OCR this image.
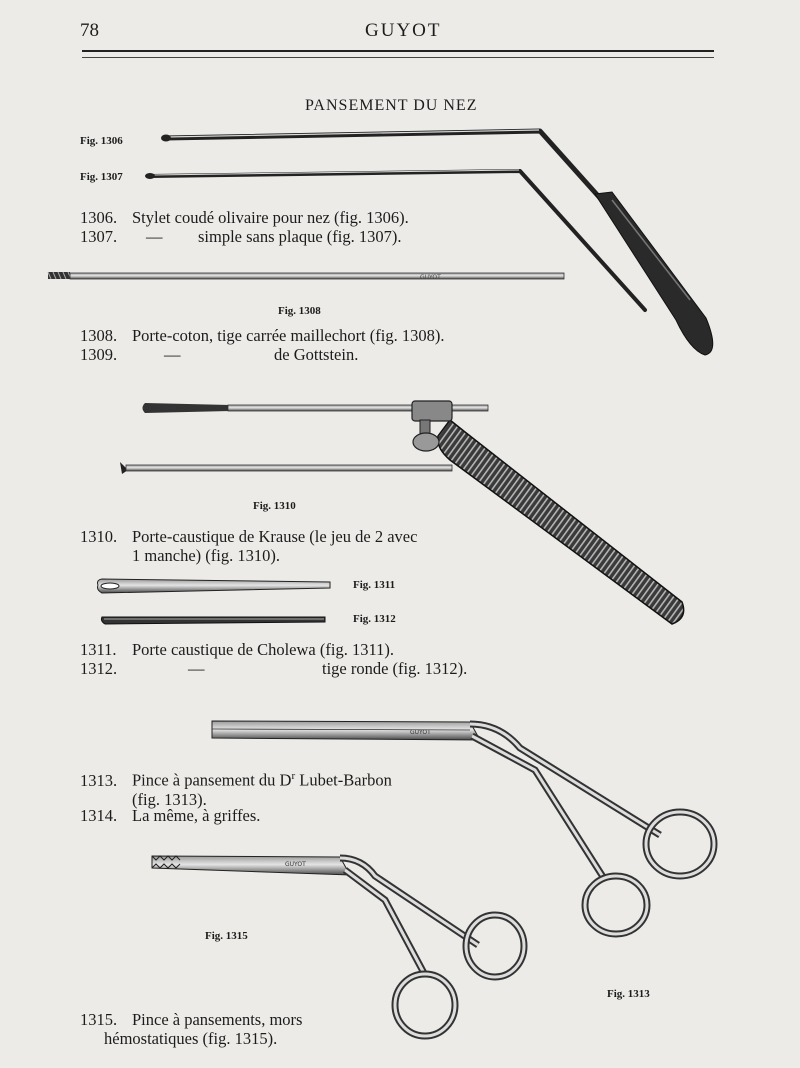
78	GUYOT
PANSEMENT DU NEZ
GUYOT
GUYOT
GUYOT
Fig. 1306
Fig. 1307
Fig. 1308
Fig. 1310
Fig. 1311
Fig. 1312
Fig. 1313
Fig. 1315
1306. Stylet coudé olivaire pour nez (fig. 1306).
1307. — simple sans plaque (fig. 1307).
1308. Porte-coton, tige carrée maillechort (fig. 1308).
1309.	—	de Gottstein.
1310. Porte-caustique de Krause (le jeu de 2 avec
1 manche) (fig. 1310).
1311. Porte caustique de Cholewa (fig. 1311).
1312.	—	tige ronde (fig. 1312).
1313. Pince à pansement du $D^r$ Lubet-Barbon
(fig. 1313).
1314. La même, à griffes.
1315. Pince à pansements, mors
hémostatiques (fig. 1315).
